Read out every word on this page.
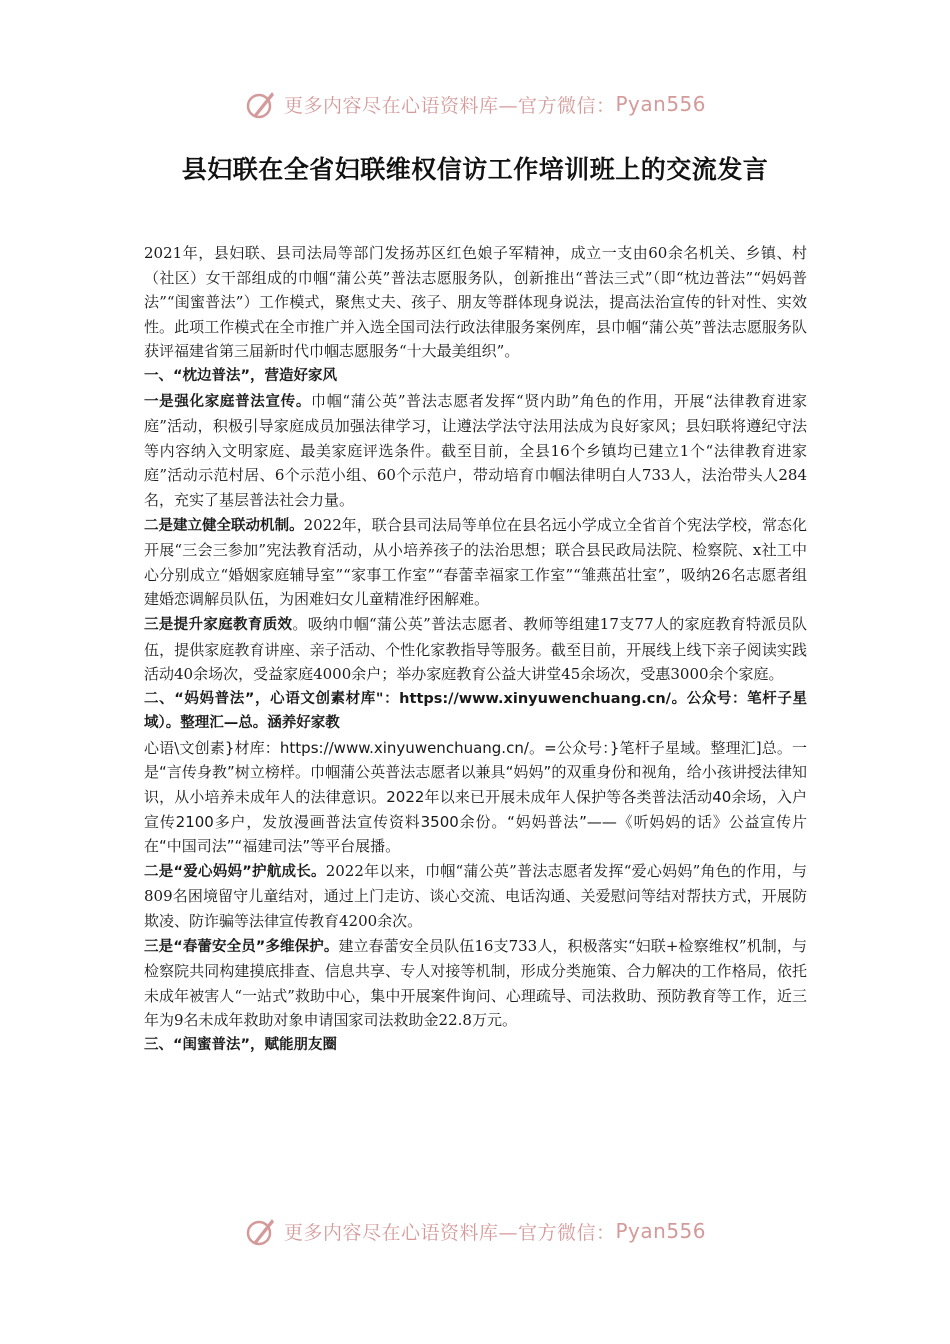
更多内容尽在心语资料库—官方微信： Pyan556
县妇联在全省妇联维权信访工作培训班上的交流发言

2021年，县妇联、县司法局等部门发扬苏区红色娘子军精神，成立一支由60余名机关、乡镇、村（社区）女干部组成的巾帼“蒲公英”普法志愿服务队，创新推出“普法三式”（即“枕边普法”“妈妈普法”“闺蜜普法”）工作模式，聚焦丈夫、孩子、朋友等群体现身说法，提高法治宣传的针对性、实效性。此项工作模式在全市推广并入选全国司法行政法律服务案例库，县巾帼“蒲公英”普法志愿服务队获评福建省第三届新时代巾帼志愿服务“十大最美组织”。

一、“枕边普法”，营造好家风

一是强化家庭普法宣传。巾帼“蒲公英”普法志愿者发挥“贤内助”角色的作用，开展“法律教育进家庭”活动，积极引导家庭成员加强法律学习，让遵法学法守法用法成为良好家风；县妇联将遵纪守法等内容纳入文明家庭、最美家庭评选条件。截至目前，全县16个乡镇均已建立1个“法律教育进家庭”活动示范村居、6个示范小组、60个示范户，带动培育巾帼法律明白人733人，法治带头人284名，充实了基层普法社会力量。

二是建立健全联动机制。2022年，联合县司法局等单位在县名远小学成立全省首个宪法学校，常态化开展“三会三参加”宪法教育活动，从小培养孩子的法治思想；联合县民政局法院、检察院、x社工中心分别成立“婚姻家庭辅导室”“家事工作室”“春蕾幸福家工作室”“雏燕茁壮室”，吸纳26名志愿者组建婚恋调解员队伍，为困难妇女儿童精准纾困解难。

三是提升家庭教育质效。吸纳巾帼“蒲公英”普法志愿者、教师等组建17支77人的家庭教育特派员队伍，提供家庭教育讲座、亲子活动、个性化家教指导等服务。截至目前，开展线上线下亲子阅读实践活动40余场次，受益家庭4000余户；举办家庭教育公益大讲堂45余场次，受惠3000余个家庭。

二、“妈妈普法”，心语文创素材库"：https://www.xinyuwenchuang.cn/。公众号：笔杆子星域）。整理汇—总。涵养好家教

心语\文创素}材库：https://www.xinyuwenchuang.cn/。=公众号：}笔杆子星域。整理汇]总。一是“言传身教”树立榜样。巾帼蒲公英普法志愿者以兼具“妈妈”的双重身份和视角，给小孩讲授法律知识，从小培养未成年人的法律意识。2022年以来已开展未成年人保护等各类普法活动40余场，入户宣传2100多户，发放漫画普法宣传资料3500余份。“妈妈普法”——《听妈妈的话》公益宣传片在“中国司法”“福建司法”等平台展播。

二是“爱心妈妈”护航成长。2022年以来，巾帼“蒲公英”普法志愿者发挥“爱心妈妈”角色的作用，与809名困境留守儿童结对，通过上门走访、谈心交流、电话沟通、关爱慰问等结对帮扶方式，开展防欺凌、防诈骗等法律宣传教育4200余次。

三是“春蕾安全员”多维保护。建立春蕾安全员队伍16支733人，积极落实“妇联+检察维权”机制，与检察院共同构建摸底排查、信息共享、专人对接等机制，形成分类施策、合力解决的工作格局，依托未成年被害人“一站式”救助中心，集中开展案件询问、心理疏导、司法救助、预防教育等工作，近三年为9名未成年救助对象申请国家司法救助金22.8万元。

三、“闺蜜普法”，赋能朋友圈

更多内容尽在心语资料库—官方微信： Pyan556
